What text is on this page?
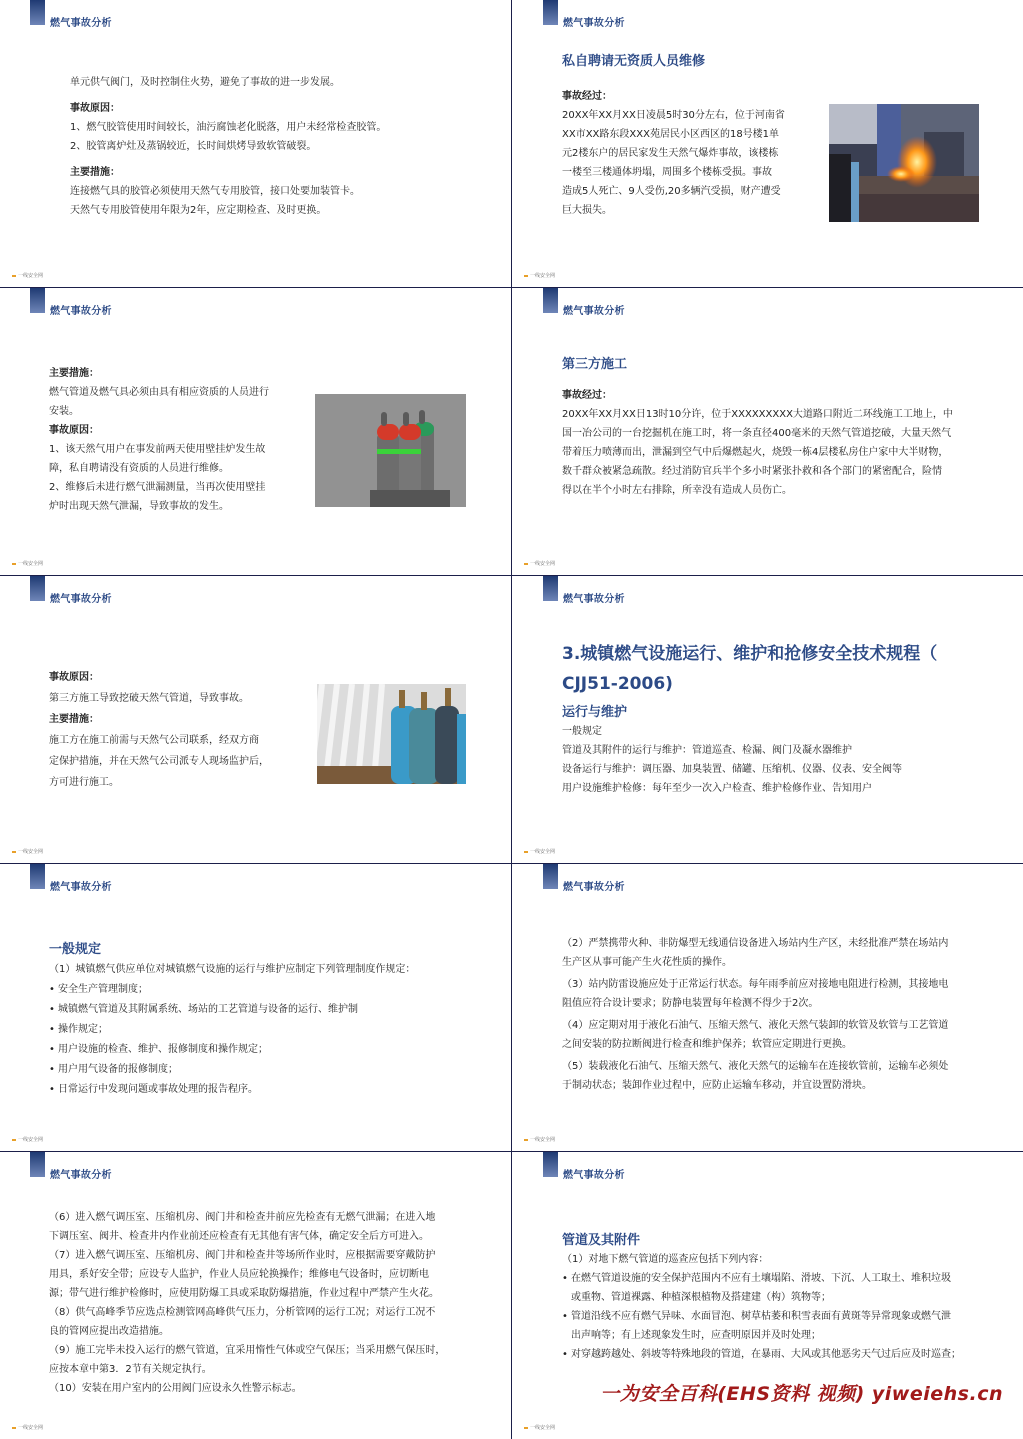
燃气事故分析

单元供气阀门，及时控制住火势，避免了事故的进一步发展。

事故原因：

1、燃气胶管使用时间较长，油污腐蚀老化脱落，用户未经常检查胶管。

2、胶管离炉灶及蒸锅较近，长时间烘烤导致软管破裂。

主要措施：

连接燃气具的胶管必须使用天然气专用胶管，接口处要加装管卡。

天然气专用胶管使用年限为2年，应定期检查、及时更换。

一线安全网
燃气事故分析

私自聘请无资质人员维修

事故经过：

20XX年XX月XX日凌晨5时30分左右，位于河南省

XX市XX路东段XXX苑居民小区西区的18号楼1单

元2楼东户的居民家发生天然气爆炸事故，该楼栋

一楼至三楼通体坍塌，周围多个楼栋受损。事故

造成5人死亡、9人受伤,20多辆汽受损，财产遭受

巨大损失。

一线安全网
燃气事故分析

主要措施：

燃气管道及燃气具必须由具有相应资质的人员进行

安装。

事故原因：

1、该天然气用户在事发前两天使用壁挂炉发生故

障，私自聘请没有资质的人员进行维修。

2、维修后未进行燃气泄漏测量，当再次使用壁挂

炉时出现天然气泄漏，导致事故的发生。

一线安全网
燃气事故分析

第三方施工

事故经过：

20XX年XX月XX日13时10分许，位于XXXXXXXXX大道路口附近二环线施工工地上，中

国一冶公司的一台挖掘机在施工时，将一条直径400毫米的天然气管道挖破，大量天然气

带着压力喷薄而出，泄漏到空气中后爆燃起火，烧毁一栋4层楼私房住户家中大半财物，

数千群众被紧急疏散。经过消防官兵半个多小时紧张扑救和各个部门的紧密配合，险情

得以在半个小时左右排除，所幸没有造成人员伤亡。

一线安全网
燃气事故分析

事故原因：

第三方施工导致挖破天然气管道，导致事故。

主要措施：

施工方在施工前需与天然气公司联系，经双方商

定保护措施，并在天然气公司派专人现场监护后，

方可进行施工。

一线安全网
燃气事故分析

3.城镇燃气设施运行、维护和抢修安全技术规程（

CJJ51-2006)

运行与维护

一般规定

管道及其附件的运行与维护：管道巡查、检漏、阀门及凝水器维护

设备运行与维护：调压器、加臭装置、储罐、压缩机、仪器、仪表、安全阀等

用户设施维护检修：每年至少一次入户检查、维护检修作业、告知用户

一线安全网
燃气事故分析

一般规定

（1）城镇燃气供应单位对城镇燃气设施的运行与维护应制定下列管理制度作规定：

• 安全生产管理制度；
• 城镇燃气管道及其附属系统、场站的工艺管道与设备的运行、维护制
• 操作规定；
• 用户设施的检查、维护、报修制度和操作规定；
• 用户用气设备的报修制度；
• 日常运行中发现问题或事故处理的报告程序。
一线安全网
燃气事故分析

（2）严禁携带火种、非防爆型无线通信设备进入场站内生产区，未经批准严禁在场站内

生产区从事可能产生火花性质的操作。

（3）站内防雷设施应处于正常运行状态。每年雨季前应对接地电阻进行检测，其接地电

阻值应符合设计要求；防静电装置每年检测不得少于2次。

（4）应定期对用于液化石油气、压缩天然气、液化天然气装卸的软管及软管与工艺管道

之间安装的防拉断阀进行检查和维护保养；软管应定期进行更换。

（5）装载液化石油气、压缩天然气、液化天然气的运输车在连接软管前，运输车必须处

于制动状态；装卸作业过程中，应防止运输车移动，并宜设置防滑块。

一线安全网
燃气事故分析

（6）进入燃气调压室、压缩机房、阀门井和检查井前应先检查有无燃气泄漏；在进入地

下调压室、阀井、检查井内作业前还应检查有无其他有害气体，确定安全后方可进入。

（7）进入燃气调压室、压缩机房、阀门井和检查井等场所作业时，应根据需要穿戴防护

用具，系好安全带；应设专人监护，作业人员应轮换操作；维修电气设备时，应切断电

源；带气进行维护检修时，应使用防爆工具或采取防爆措施，作业过程中严禁产生火花。

（8）供气高峰季节应选点检测管网高峰供气压力，分析管网的运行工况；对运行工况不

良的管网应提出改造措施。

（9）施工完毕未投入运行的燃气管道，宜采用惰性气体或空气保压；当采用燃气保压时，

应按本章中第3．2节有关规定执行。

（10）安装在用户室内的公用阀门应设永久性警示标志。

一线安全网
燃气事故分析

管道及其附件

（1）对地下燃气管道的巡查应包括下列内容：

• 在燃气管道设施的安全保护范围内不应有土壤塌陷、滑坡、下沉、人工取土、堆积垃圾
或重物、管道裸露、种植深根植物及搭建建（构）筑物等；
• 管道沿线不应有燃气异味、水面冒泡、树草枯萎和积雪表面有黄斑等异常现象或燃气泄
出声响等；有上述现象发生时，应查明原因并及时处理；
• 对穿越跨越处、斜坡等特殊地段的管道，在暴雨、大风或其他恶劣天气过后应及时巡查；
一线安全网
一为安全百科(EHS资料 视频) yiweiehs.cn
